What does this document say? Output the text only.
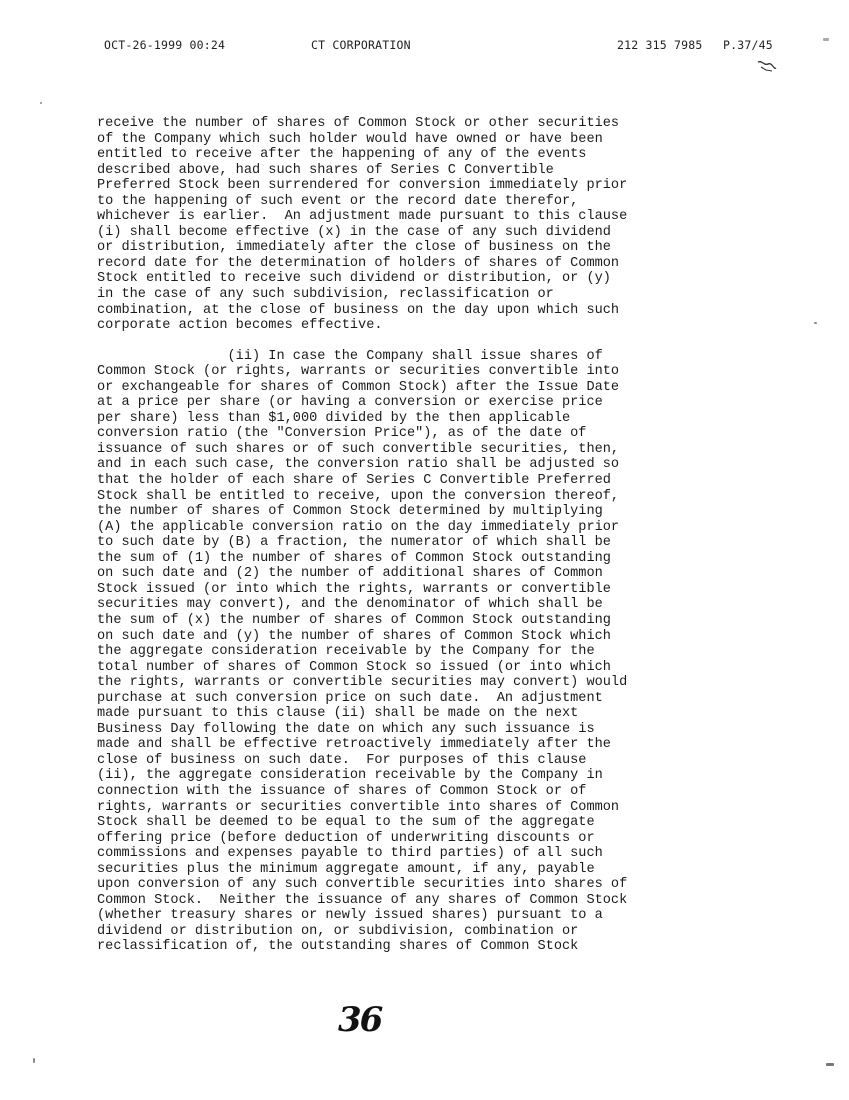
OCT-26-1999 00:24	CT CORPORATION	212 315 7985 P.37/45

receive the number of shares of Common Stock or other securities
of the Company which such holder would have owned or have been
entitled to receive after the happening of any of the events
described above, had such shares of Series C Convertible
Preferred Stock been surrendered for conversion immediately prior
to the happening of such event or the record date therefor,
whichever is earlier.  An adjustment made pursuant to this clause
(i) shall become effective (x) in the case of any such dividend
or distribution, immediately after the close of business on the
record date for the determination of holders of shares of Common
Stock entitled to receive such dividend or distribution, or (y)
in the case of any such subdivision, reclassification or
combination, at the close of business on the day upon which such
corporate action becomes effective.

(ii) In case the Company shall issue shares of
Common Stock (or rights, warrants or securities convertible into
or exchangeable for shares of Common Stock) after the Issue Date
at a price per share (or having a conversion or exercise price
per share) less than $1,000 divided by the then applicable
conversion ratio (the "Conversion Price"), as of the date of
issuance of such shares or of such convertible securities, then,
and in each such case, the conversion ratio shall be adjusted so
that the holder of each share of Series C Convertible Preferred
Stock shall be entitled to receive, upon the conversion thereof,
the number of shares of Common Stock determined by multiplying
(A) the applicable conversion ratio on the day immediately prior
to such date by (B) a fraction, the numerator of which shall be
the sum of (1) the number of shares of Common Stock outstanding
on such date and (2) the number of additional shares of Common
Stock issued (or into which the rights, warrants or convertible
securities may convert), and the denominator of which shall be
the sum of (x) the number of shares of Common Stock outstanding
on such date and (y) the number of shares of Common Stock which
the aggregate consideration receivable by the Company for the
total number of shares of Common Stock so issued (or into which
the rights, warrants or convertible securities may convert) would
purchase at such conversion price on such date.  An adjustment
made pursuant to this clause (ii) shall be made on the next
Business Day following the date on which any such issuance is
made and shall be effective retroactively immediately after the
close of business on such date.  For purposes of this clause
(ii), the aggregate consideration receivable by the Company in
connection with the issuance of shares of Common Stock or of
rights, warrants or securities convertible into shares of Common
Stock shall be deemed to be equal to the sum of the aggregate
offering price (before deduction of underwriting discounts or
commissions and expenses payable to third parties) of all such
securities plus the minimum aggregate amount, if any, payable
upon conversion of any such convertible securities into shares of
Common Stock.  Neither the issuance of any shares of Common Stock
(whether treasury shares or newly issued shares) pursuant to a
dividend or distribution on, or subdivision, combination or
reclassification of, the outstanding shares of Common Stock

36
